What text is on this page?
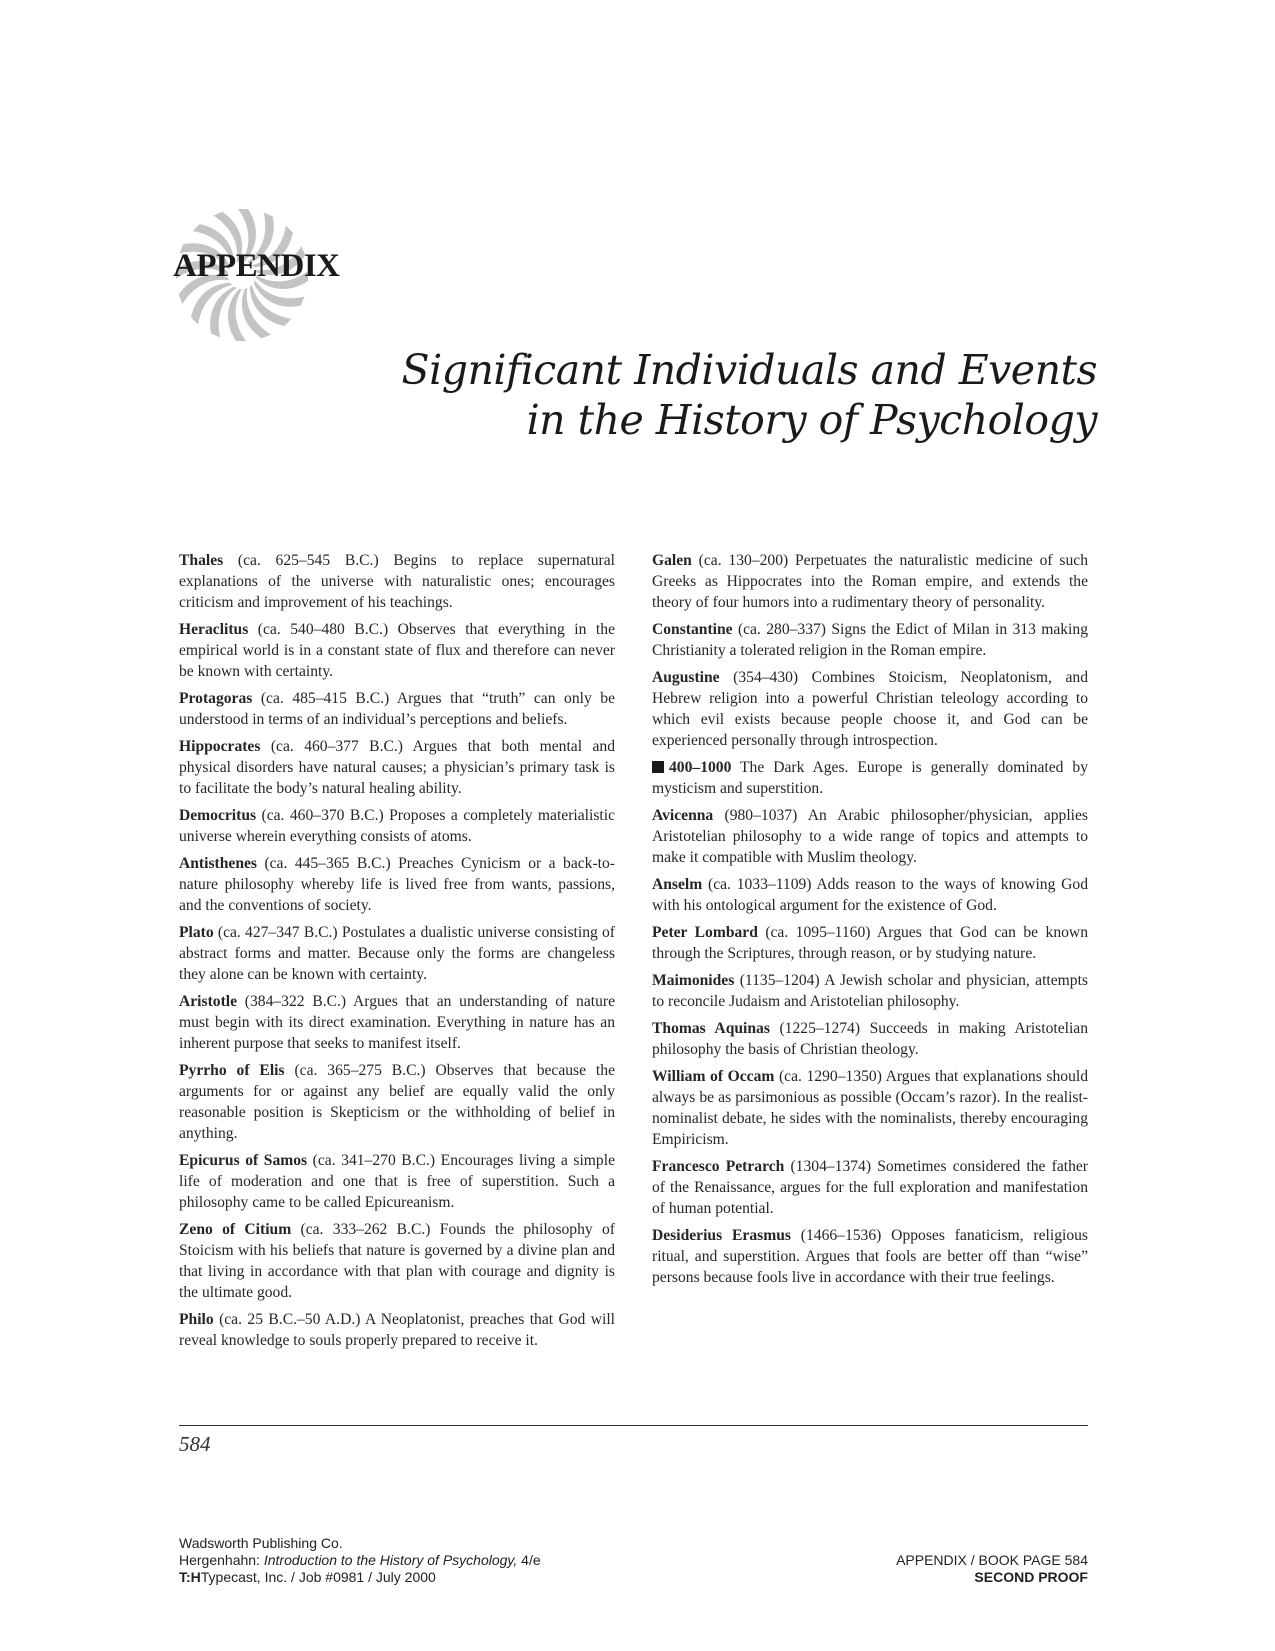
APPENDIX
Significant Individuals and Events
in the History of Psychology

Thales (ca. 625–545 B.C.) Begins to replace supernatural explanations of the universe with naturalistic ones; encourages criticism and improvement of his teachings.

Heraclitus (ca. 540–480 B.C.) Observes that everything in the empirical world is in a constant state of flux and therefore can never be known with certainty.

Protagoras (ca. 485–415 B.C.) Argues that “truth” can only be understood in terms of an individual’s perceptions and beliefs.

Hippocrates (ca. 460–377 B.C.) Argues that both mental and physical disorders have natural causes; a physician’s primary task is to facilitate the body’s natural healing ability.

Democritus (ca. 460–370 B.C.) Proposes a completely materialistic universe wherein everything consists of atoms.

Antisthenes (ca. 445–365 B.C.) Preaches Cynicism or a back-to-nature philosophy whereby life is lived free from wants, passions, and the conventions of society.

Plato (ca. 427–347 B.C.) Postulates a dualistic universe consisting of abstract forms and matter. Because only the forms are changeless they alone can be known with certainty.

Aristotle (384–322 B.C.) Argues that an understanding of nature must begin with its direct examination. Everything in nature has an inherent purpose that seeks to manifest itself.

Pyrrho of Elis (ca. 365–275 B.C.) Observes that because the arguments for or against any belief are equally valid the only reasonable position is Skepticism or the withholding of belief in anything.

Epicurus of Samos (ca. 341–270 B.C.) Encourages living a simple life of moderation and one that is free of superstition. Such a philosophy came to be called Epicureanism.

Zeno of Citium (ca. 333–262 B.C.) Founds the philosophy of Stoicism with his beliefs that nature is governed by a divine plan and that living in accordance with that plan with courage and dignity is the ultimate good.

Philo (ca. 25 B.C.–50 A.D.) A Neoplatonist, preaches that God will reveal knowledge to souls properly prepared to receive it.

Galen (ca. 130–200) Perpetuates the naturalistic medicine of such Greeks as Hippocrates into the Roman empire, and extends the theory of four humors into a rudimentary theory of personality.

Constantine (ca. 280–337) Signs the Edict of Milan in 313 making Christianity a tolerated religion in the Roman empire.

Augustine (354–430) Combines Stoicism, Neoplatonism, and Hebrew religion into a powerful Christian teleology according to which evil exists because people choose it, and God can be experienced personally through introspection.

400–1000 The Dark Ages. Europe is generally dominated by mysticism and superstition.

Avicenna (980–1037) An Arabic philosopher/physician, applies Aristotelian philosophy to a wide range of topics and attempts to make it compatible with Muslim theology.

Anselm (ca. 1033–1109) Adds reason to the ways of knowing God with his ontological argument for the existence of God.

Peter Lombard (ca. 1095–1160) Argues that God can be known through the Scriptures, through reason, or by studying nature.

Maimonides (1135–1204) A Jewish scholar and physician, attempts to reconcile Judaism and Aristotelian philosophy.

Thomas Aquinas (1225–1274) Succeeds in making Aristotelian philosophy the basis of Christian theology.

William of Occam (ca. 1290–1350) Argues that explanations should always be as parsimonious as possible (Occam’s razor). In the realist-nominalist debate, he sides with the nominalists, thereby encouraging Empiricism.

Francesco Petrarch (1304–1374) Sometimes considered the father of the Renaissance, argues for the full exploration and manifestation of human potential.

Desiderius Erasmus (1466–1536) Opposes fanaticism, religious ritual, and superstition. Argues that fools are better off than “wise” persons because fools live in accordance with their true feelings.

584
Wadsworth Publishing Co.
Hergenhahn: Introduction to the History of Psychology, 4/e
T:HTypecast, Inc. / Job #0981 / July 2000
APPENDIX / BOOK PAGE 584
SECOND PROOF
